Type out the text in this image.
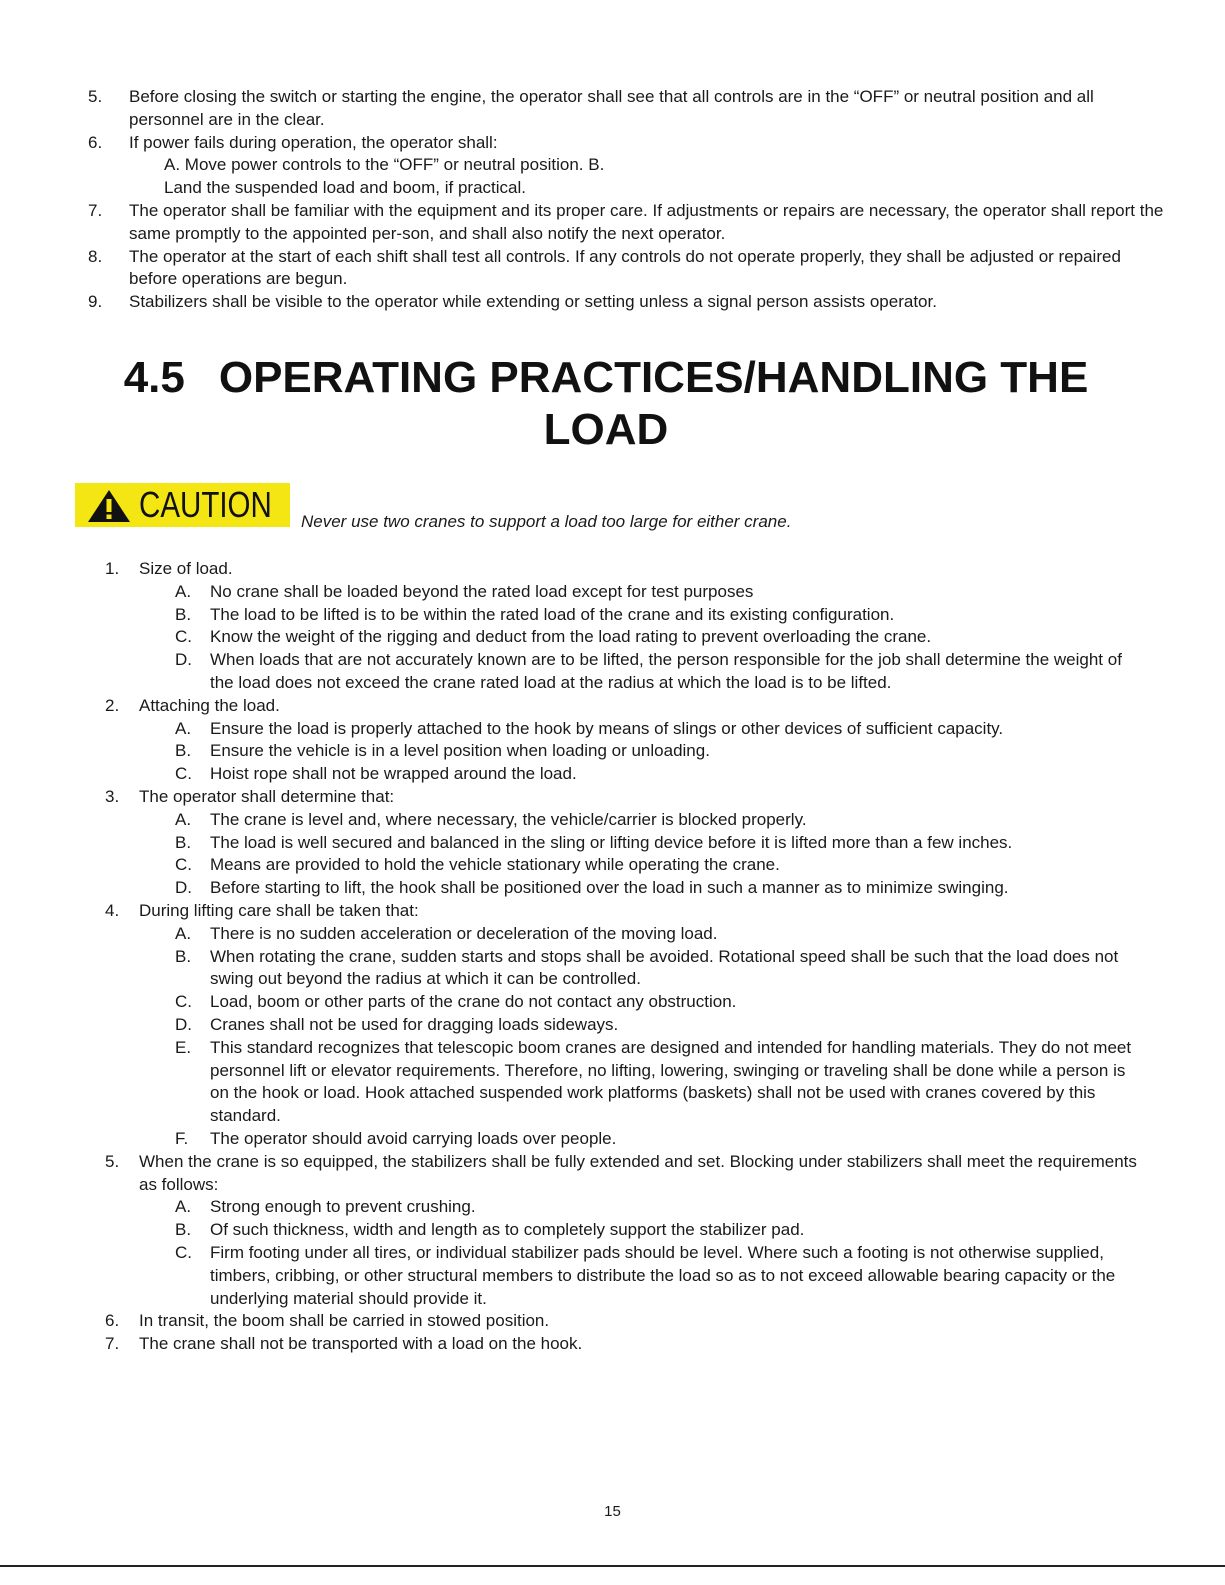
5.	Before closing the switch or starting the engine, the operator shall see that all controls are in the “OFF” or neutral position and all personnel are in the clear.
6.	If power fails during operation, the operator shall:
A. Move power controls to the “OFF” or neutral position. B.
Land the suspended load and boom, if practical.
7.	The operator shall be familiar with the equipment and its proper care. If adjustments or repairs are necessary, the operator shall report the same promptly to the appointed per-son, and shall also notify the next operator.
8.	The operator at the start of each shift shall test all controls. If any controls do not operate properly, they shall be adjusted or repaired before operations are begun.
9.	Stabilizers shall be visible to the operator while extending or setting unless a signal person assists operator.
4.5 OPERATING PRACTICES/HANDLING THE LOAD
CAUTION Never use two cranes to support a load too large for either crane.
1. Size of load.
A. No crane shall be loaded beyond the rated load except for test purposes
B. The load to be lifted is to be within the rated load of the crane and its existing configuration.
C. Know the weight of the rigging and deduct from the load rating to prevent overloading the crane.
D. When loads that are not accurately known are to be lifted, the person responsible for the job shall determine the weight of the load does not exceed the crane rated load at the radius at which the load is to be lifted.
2. Attaching the load.
A. Ensure the load is properly attached to the hook by means of slings or other devices of sufficient capacity.
B. Ensure the vehicle is in a level position when loading or unloading.
C. Hoist rope shall not be wrapped around the load.
3. The operator shall determine that:
A. The crane is level and, where necessary, the vehicle/carrier is blocked properly.
B. The load is well secured and balanced in the sling or lifting device before it is lifted more than a few inches.
C. Means are provided to hold the vehicle stationary while operating the crane.
D. Before starting to lift, the hook shall be positioned over the load in such a manner as to minimize swinging.
4. During lifting care shall be taken that:
A. There is no sudden acceleration or deceleration of the moving load.
B. When rotating the crane, sudden starts and stops shall be avoided. Rotational speed shall be such that the load does not swing out beyond the radius at which it can be controlled.
C. Load, boom or other parts of the crane do not contact any obstruction.
D. Cranes shall not be used for dragging loads sideways.
E. This standard recognizes that telescopic boom cranes are designed and intended for handling materials. They do not meet personnel lift or elevator requirements. Therefore, no lifting, lowering, swinging or traveling shall be done while a person is on the hook or load. Hook attached suspended work platforms (baskets) shall not be used with cranes covered by this standard.
F. The operator should avoid carrying loads over people.
5. When the crane is so equipped, the stabilizers shall be fully extended and set. Blocking under stabilizers shall meet the requirements as follows:
A. Strong enough to prevent crushing.
B. Of such thickness, width and length as to completely support the stabilizer pad.
C. Firm footing under all tires, or individual stabilizer pads should be level. Where such a footing is not otherwise supplied, timbers, cribbing, or other structural members to distribute the load so as to not exceed allowable bearing capacity or the underlying material should provide it.
6. In transit, the boom shall be carried in stowed position.
7. The crane shall not be transported with a load on the hook.
15
